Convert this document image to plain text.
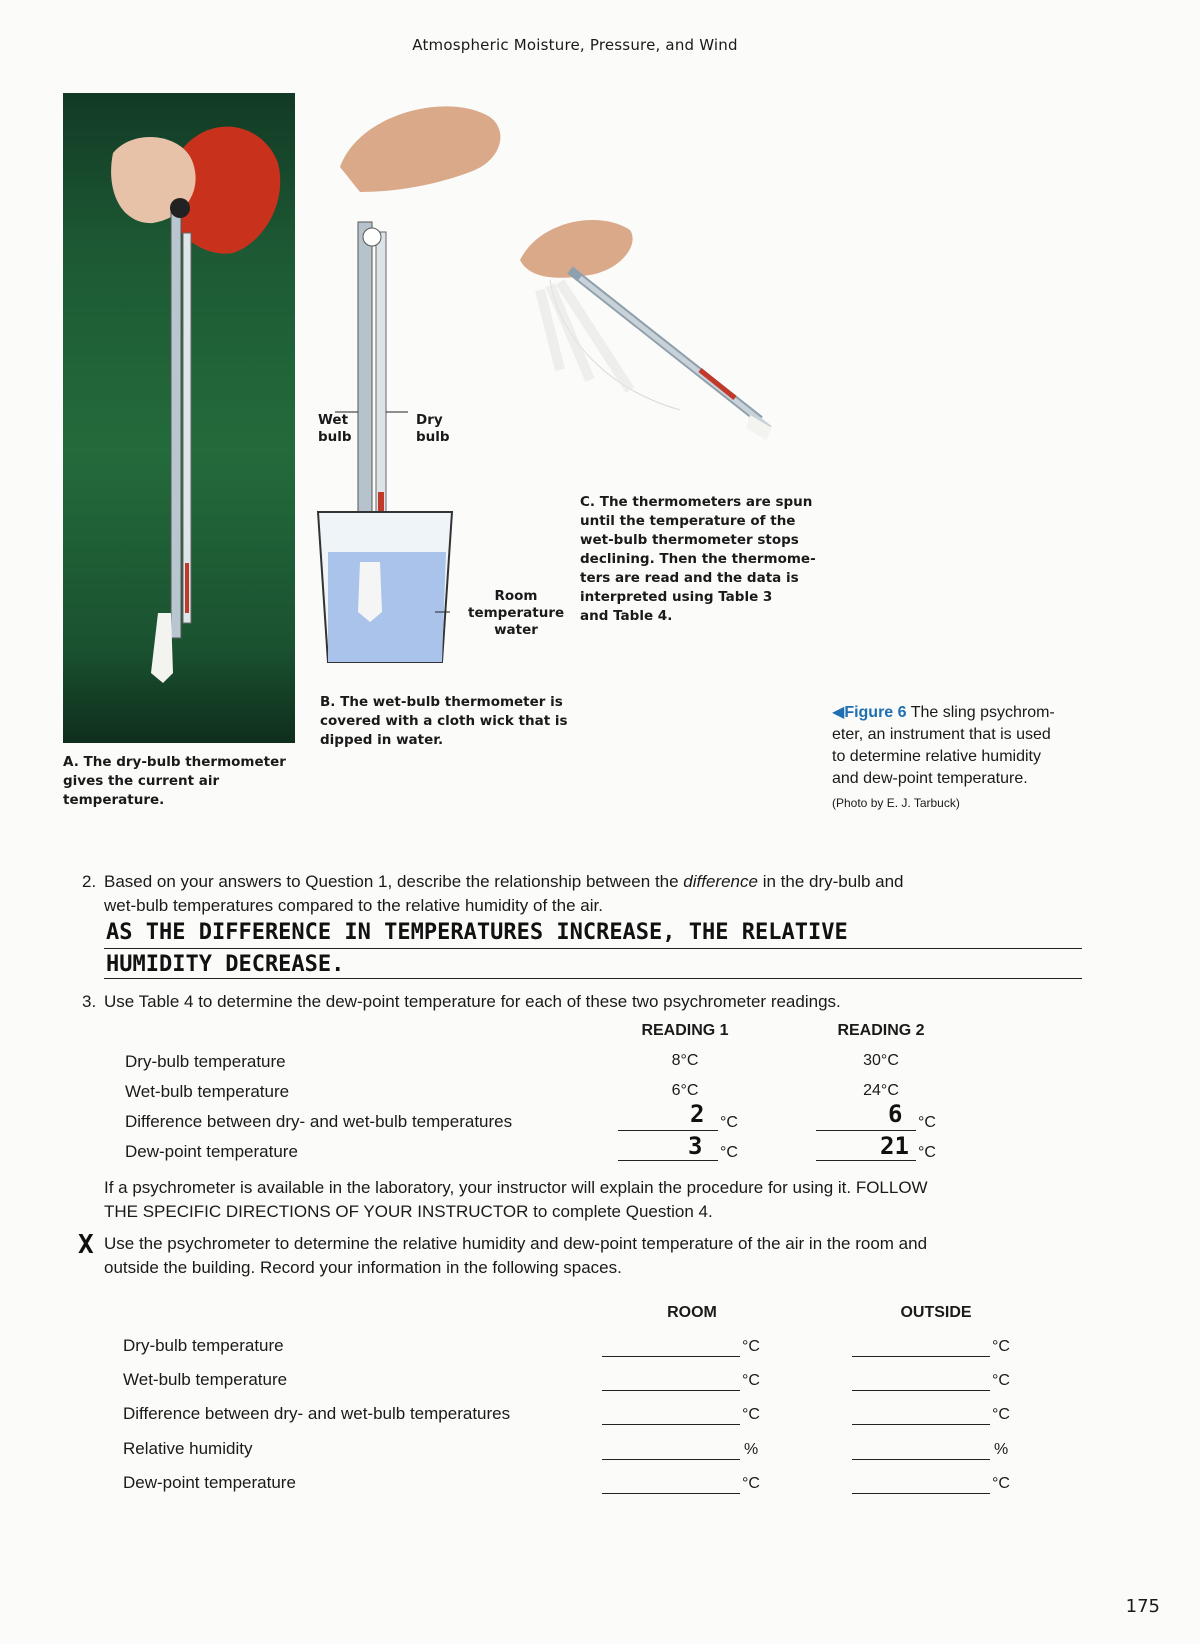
Atmospheric Moisture, Pressure, and Wind
A. The dry-bulb thermometer
gives the current air
temperature.
Wet
bulb
Dry
bulb
Room
temperature
water
B. The wet-bulb thermometer is
covered with a cloth wick that is
dipped in water.
C. The thermometers are spun
until the temperature of the
wet-bulb thermometer stops
declining. Then the thermome-
ters are read and the data is
interpreted using Table 3
and Table 4.
◀Figure 6 The sling psychrom-
eter, an instrument that is used
to determine relative humidity
and dew-point temperature.
(Photo by E. J. Tarbuck)
2. Based on your answers to Question 1, describe the relationship between the difference in the dry-bulb and
wet-bulb temperatures compared to the relative humidity of the air.
AS THE DIFFERENCE IN TEMPERATURES INCREASE, THE RELATIVE
HUMIDITY DECREASE.
3. Use Table 4 to determine the dew-point temperature for each of these two psychrometer readings.
READING 1	READING 2
Dry-bulb temperature	8°C	30°C
Wet-bulb temperature	6°C	24°C
Difference between dry- and wet-bulb temperatures	2 °C	6 °C
Dew-point temperature	3 °C	21 °C
If a psychrometer is available in the laboratory, your instructor will explain the procedure for using it. FOLLOW
THE SPECIFIC DIRECTIONS OF YOUR INSTRUCTOR to complete Question 4.
X Use the psychrometer to determine the relative humidity and dew-point temperature of the air in the room and
outside the building. Record your information in the following spaces.
ROOM	OUTSIDE
Dry-bulb temperature	°C	°C
Wet-bulb temperature	°C	°C
Difference between dry- and wet-bulb temperatures	°C	°C
Relative humidity	%	%
Dew-point temperature	°C	°C
175
